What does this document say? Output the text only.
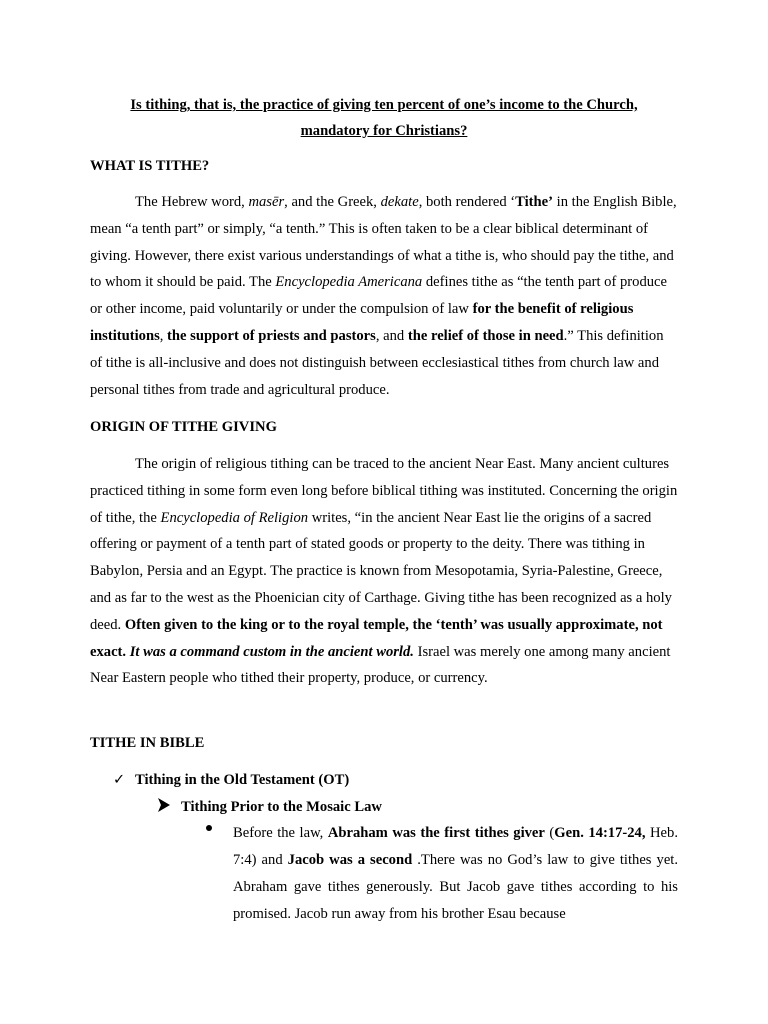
Is tithing, that is, the practice of giving ten percent of one’s income to the Church,
mandatory for Christians?
WHAT IS TITHE?

The Hebrew word, masēr, and the Greek, dekate, both rendered ‘Tithe’ in the English Bible, mean “a tenth part” or simply, “a tenth.” This is often taken to be a clear biblical determinant of giving. However, there exist various understandings of what a tithe is, who should pay the tithe, and to whom it should be paid. The Encyclopedia Americana defines tithe as “the tenth part of produce or other income, paid voluntarily or under the compulsion of law for the benefit of religious institutions, the support of priests and pastors, and the relief of those in need.” This definition of tithe is all-inclusive and does not distinguish between ecclesiastical tithes from church law and personal tithes from trade and agricultural produce.

ORIGIN OF TITHE GIVING

The origin of religious tithing can be traced to the ancient Near East. Many ancient cultures practiced tithing in some form even long before biblical tithing was instituted. Concerning the origin of tithe, the Encyclopedia of Religion writes, “in the ancient Near East lie the origins of a sacred offering or payment of a tenth part of stated goods or property to the deity. There was tithing in Babylon, Persia and an Egypt. The practice is known from Mesopotamia, Syria-Palestine, Greece, and as far to the west as the Phoenician city of Carthage. Giving tithe has been recognized as a holy deed. Often given to the king or to the royal temple, the ‘tenth’ was usually approximate, not exact. It was a command custom in the ancient world. Israel was merely one among many ancient Near Eastern people who tithed their property, produce, or currency.

TITHE IN BIBLE
✓ Tithing in the Old Testament (OT)
Tithing Prior to the Mosaic Law

Before the law, Abraham was the first tithes giver (Gen. 14:17-24, Heb. 7:4) and Jacob was a second .There was no God’s law to give tithes yet. Abraham gave tithes generously. But Jacob gave tithes according to his promised. Jacob run away from his brother Esau because
